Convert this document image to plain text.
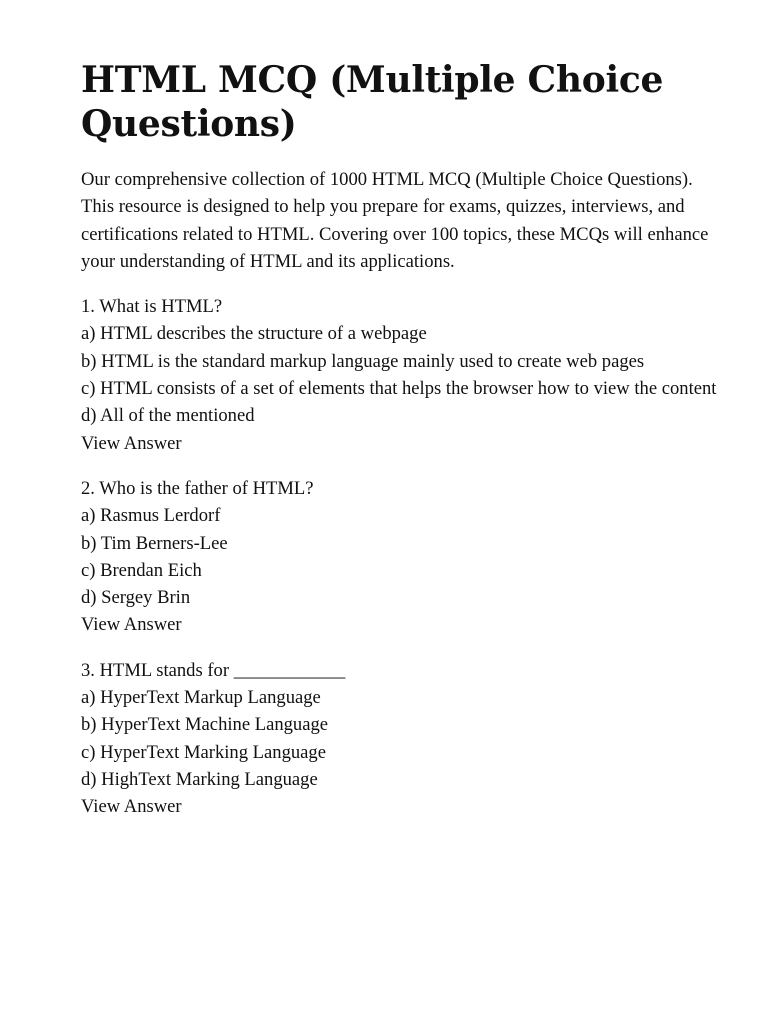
HTML MCQ (Multiple Choice Questions)

Our comprehensive collection of 1000 HTML MCQ (Multiple Choice Questions). This resource is designed to help you prepare for exams, quizzes, interviews, and certifications related to HTML. Covering over 100 topics, these MCQs will enhance your understanding of HTML and its applications.

1. What is HTML?
a) HTML describes the structure of a webpage
b) HTML is the standard markup language mainly used to create web pages
c) HTML consists of a set of elements that helps the browser how to view the content
d) All of the mentioned
View Answer
2. Who is the father of HTML?
a) Rasmus Lerdorf
b) Tim Berners-Lee
c) Brendan Eich
d) Sergey Brin
View Answer
3. HTML stands for ____________
a) HyperText Markup Language
b) HyperText Machine Language
c) HyperText Marking Language
d) HighText Marking Language
View Answer
